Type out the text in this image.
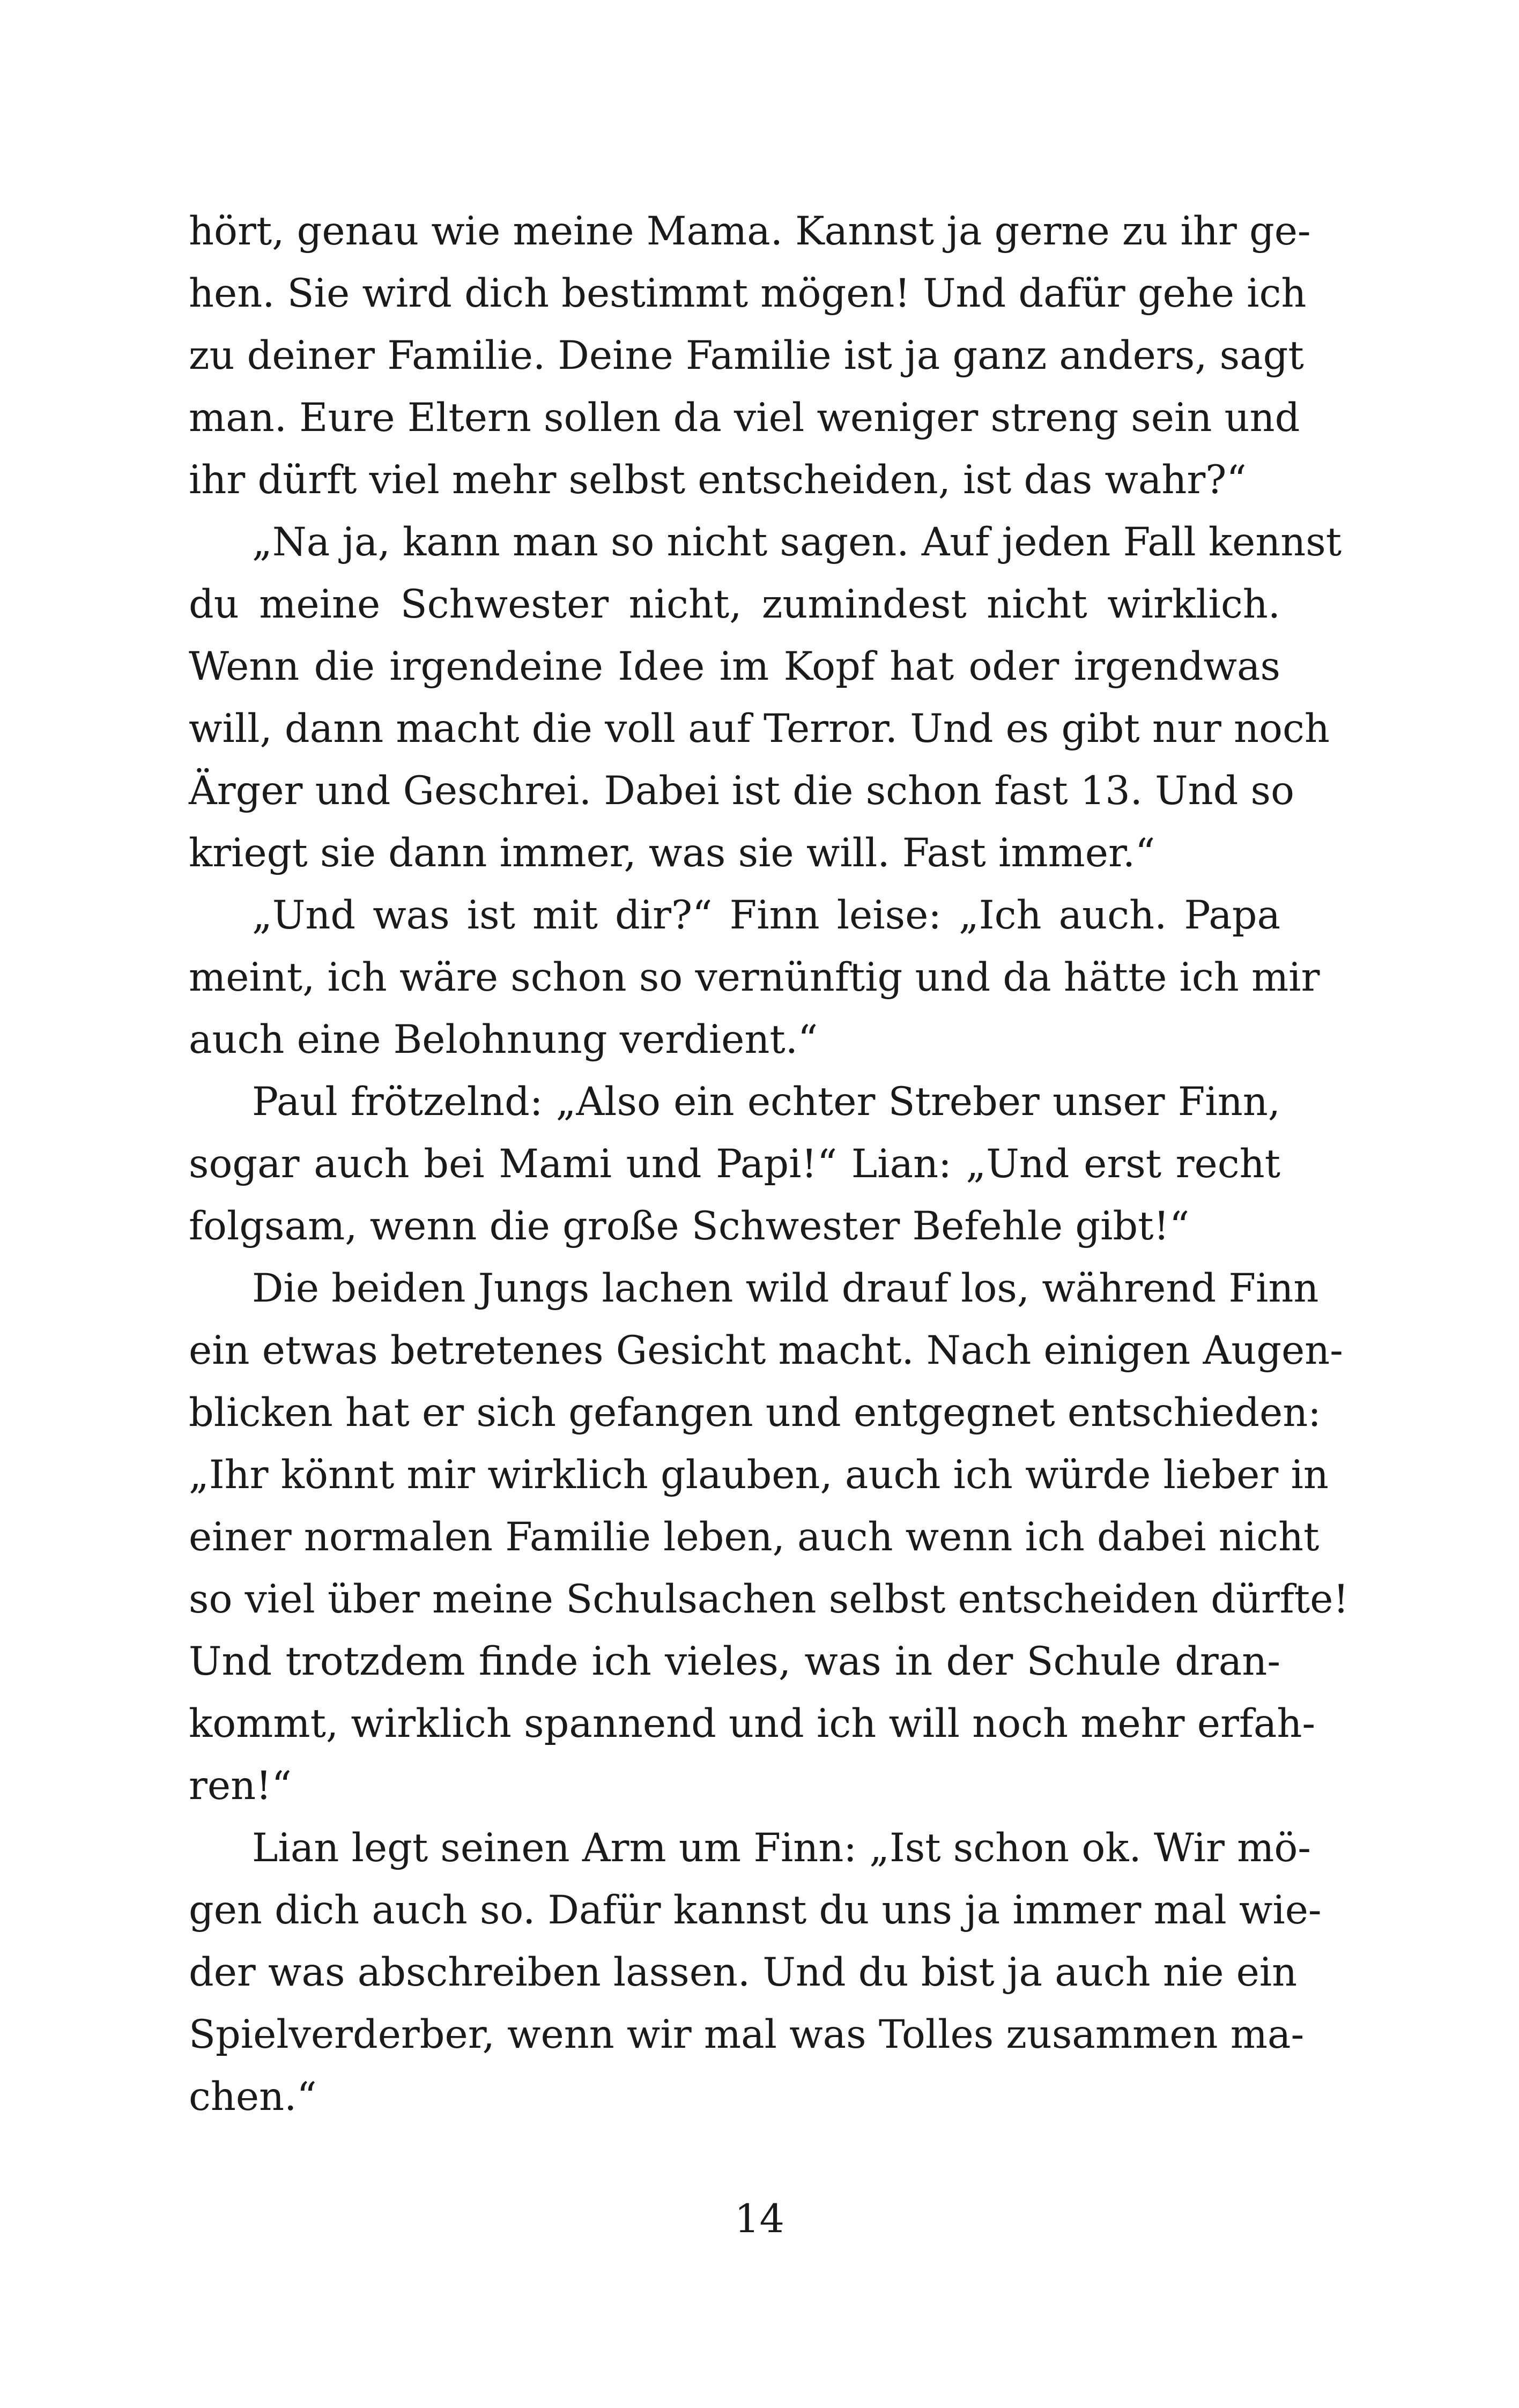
hört, genau wie meine Mama. Kannst ja gerne zu ihr ge-
hen. Sie wird dich bestimmt mögen! Und dafür gehe ich
zu deiner Familie. Deine Familie ist ja ganz anders, sagt
man. Eure Eltern sollen da viel weniger streng sein und
ihr dürft viel mehr selbst entscheiden, ist das wahr?“
„Na ja, kann man so nicht sagen. Auf jeden Fall kennst
du meine Schwester nicht, zumindest nicht wirklich.
Wenn die irgendeine Idee im Kopf hat oder irgendwas
will, dann macht die voll auf Terror. Und es gibt nur noch
Ärger und Geschrei. Dabei ist die schon fast 13. Und so
kriegt sie dann immer, was sie will. Fast immer.“
„Und was ist mit dir?“ Finn leise: „Ich auch. Papa
meint, ich wäre schon so vernünftig und da hätte ich mir
auch eine Belohnung verdient.“
Paul frötzelnd: „Also ein echter Streber unser Finn,
sogar auch bei Mami und Papi!“ Lian: „Und erst recht
folgsam, wenn die große Schwester Befehle gibt!“
Die beiden Jungs lachen wild drauf los, während Finn
ein etwas betretenes Gesicht macht. Nach einigen Augen-
blicken hat er sich gefangen und entgegnet entschieden:
„Ihr könnt mir wirklich glauben, auch ich würde lieber in
einer normalen Familie leben, auch wenn ich dabei nicht
so viel über meine Schulsachen selbst entscheiden dürfte!
Und trotzdem finde ich vieles, was in der Schule dran-
kommt, wirklich spannend und ich will noch mehr erfah-
ren!“
Lian legt seinen Arm um Finn: „Ist schon ok. Wir mö-
gen dich auch so. Dafür kannst du uns ja immer mal wie-
der was abschreiben lassen. Und du bist ja auch nie ein
Spielverderber, wenn wir mal was Tolles zusammen ma-
chen.“
14
